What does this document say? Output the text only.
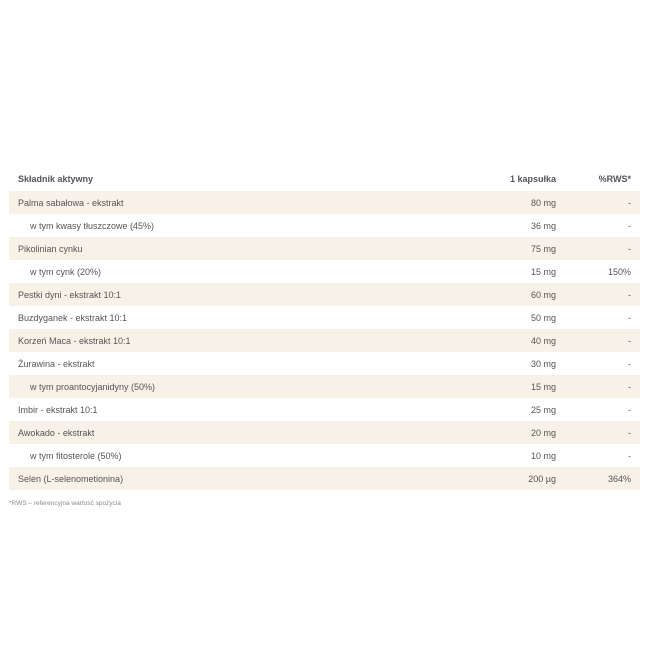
Składnik aktywny	1 kapsułka	%RWS*
Palma sabałowa - ekstrakt	80 mg	-
w tym kwasy tłuszczowe (45%)	36 mg	-
Pikolinian cynku	75 mg	-
w tym cynk (20%)	15 mg	150%
Pestki dyni - ekstrakt 10:1	60 mg	-
Buzdyganek - ekstrakt 10:1	50 mg	-
Korzeń Maca - ekstrakt 10:1	40 mg	-
Żurawina - ekstrakt	30 mg	-
w tym proantocyjanidyny (50%)	15 mg	-
Imbir - ekstrakt 10:1	25 mg	-
Awokado - ekstrakt	20 mg	-
w tym fitosterole (50%)	10 mg	-
Selen (L-selenometionina)	200 µg	364%
*RWS – referencyjna wartość spożycia
